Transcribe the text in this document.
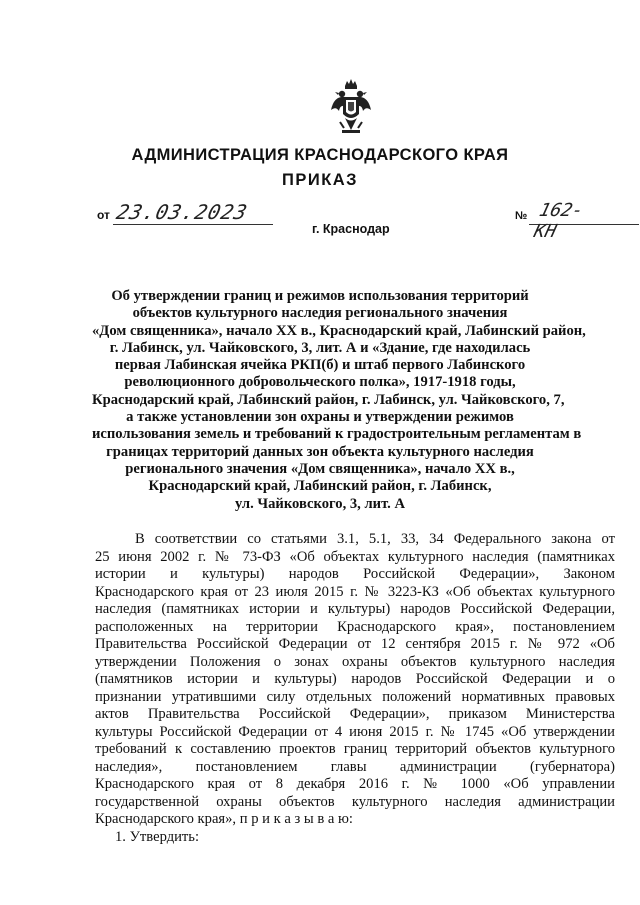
АДМИНИСТРАЦИЯ КРАСНОДАРСКОГО КРАЯ
ПРИКАЗ
от 23.03.2023
г. Краснодар
№ 162-КН
Об утверждении границ и режимов использования территорий
объектов культурного наследия регионального значения
«Дом священника», начало XX в., Краснодарский край, Лабинский район,
г. Лабинск, ул. Чайковского, 3, лит. А и «Здание, где находилась
первая Лабинская ячейка РКП(б) и штаб первого Лабинского
революционного добровольческого полка», 1917-1918 годы,
Краснодарский край, Лабинский район, г. Лабинск, ул. Чайковского, 7,
а также установлении зон охраны и утверждении режимов
использования земель и требований к градостроительным регламентам в
границах территорий данных зон объекта культурного наследия
регионального значения «Дом священника», начало XX в.,
Краснодарский край, Лабинский район, г. Лабинск,
ул. Чайковского, 3, лит. А
В соответствии со статьями 3.1, 5.1, 33, 34 Федерального закона от
25 июня 2002 г. № 73-ФЗ «Об объектах культурного наследия (памятниках
истории и культуры) народов Российской Федерации», Законом
Краснодарского края от 23 июля 2015 г. № 3223-КЗ «Об объектах культурного
наследия (памятниках истории и культуры) народов Российской Федерации,
расположенных на территории Краснодарского края», постановлением
Правительства Российской Федерации от 12 сентября 2015 г. № 972 «Об
утверждении Положения о зонах охраны объектов культурного наследия
(памятников истории и культуры) народов Российской Федерации и о
признании утратившими силу отдельных положений нормативных правовых
актов Правительства Российской Федерации», приказом Министерства
культуры Российской Федерации от 4 июня 2015 г. № 1745 «Об утверждении
требований к составлению проектов границ территорий объектов культурного
наследия», постановлением главы администрации (губернатора)
Краснодарского края от 8 декабря 2016 г. № 1000 «Об управлении
государственной охраны объектов культурного наследия администрации
Краснодарского края», п р и к а з ы в а ю:
1. Утвердить:
